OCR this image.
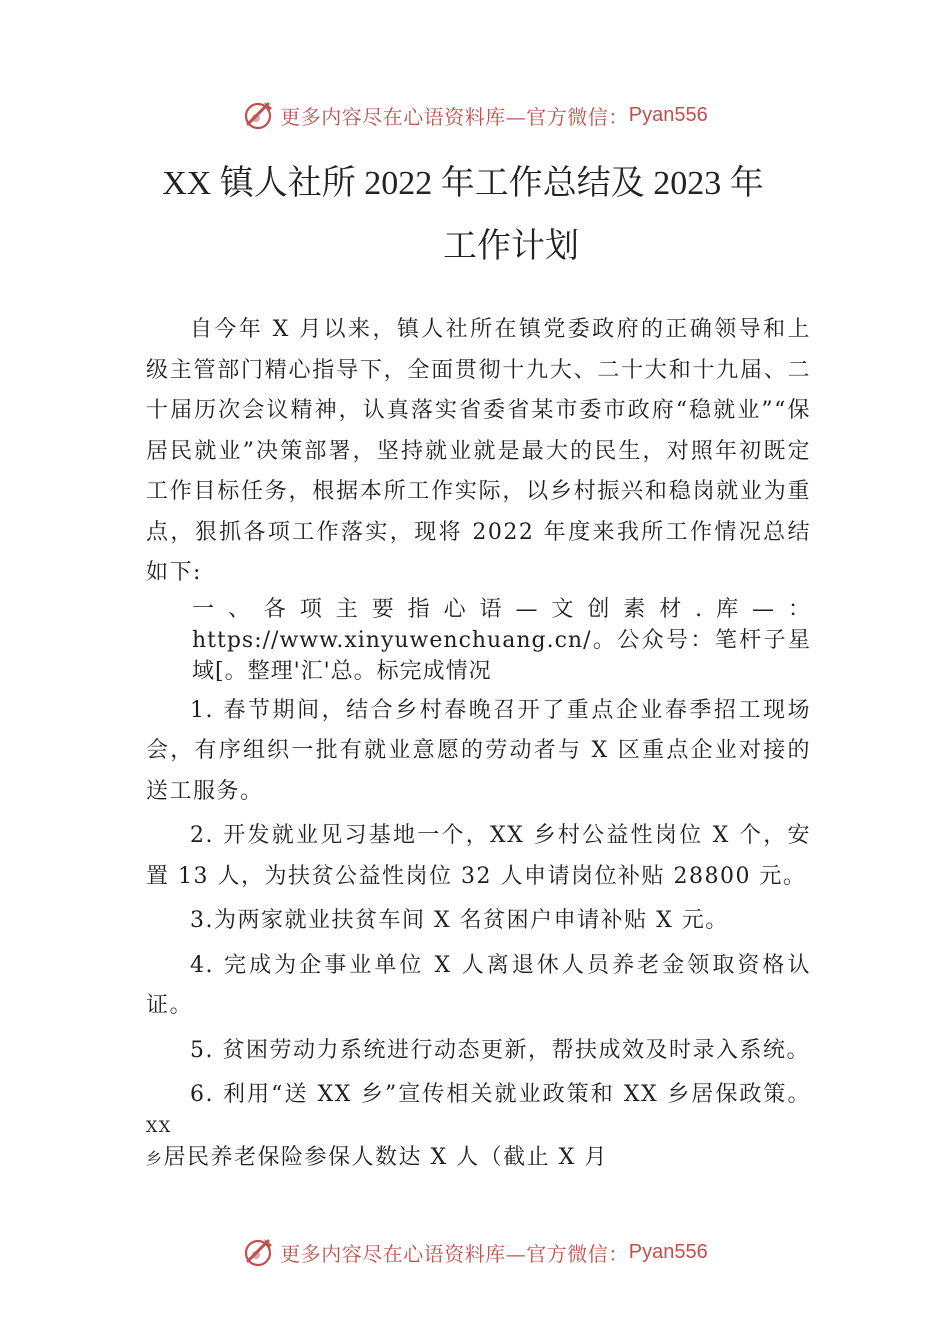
更多内容尽在心语资料库—官方微信： Pyan556
XX 镇人社所 2022 年工作总结及 2023 年
工作计划

自今年 X 月以来，镇人社所在镇党委政府的正确领导和上级主管部门精心指导下，全面贯彻十九大、二十大和十九届、二十届历次会议精神，认真落实省委省某市委市政府“稳就业”“保居民就业”决策部署，坚持就业就是最大的民生，对照年初既定工作目标任务，根据本所工作实际，以乡村振兴和稳岗就业为重点，狠抓各项工作落实，现将 2022 年度来我所工作情况总结如下:

一、各项主要指心语—文创素材.库—：https://www.xinyuwenchuang.cn/。公众号：笔杆子星域[。整理'汇'总。标完成情况

1. 春节期间，结合乡村春晚召开了重点企业春季招工现场会，有序组织一批有就业意愿的劳动者与 X 区重点企业对接的送工服务。

2. 开发就业见习基地一个，XX 乡村公益性岗位 X 个，安置 13 人，为扶贫公益性岗位 32 人申请岗位补贴 28800 元。

3.为两家就业扶贫车间 X 名贫困户申请补贴 X 元。

4. 完成为企事业单位 X 人离退休人员养老金领取资格认证。

5. 贫困劳动力系统进行动态更新，帮扶成效及时录入系统。

6. 利用“送 XX 乡”宣传相关就业政策和 XX 乡居保政策。XX
乡居民养老保险参保人数达 X 人（截止 X 月

更多内容尽在心语资料库—官方微信： Pyan556
